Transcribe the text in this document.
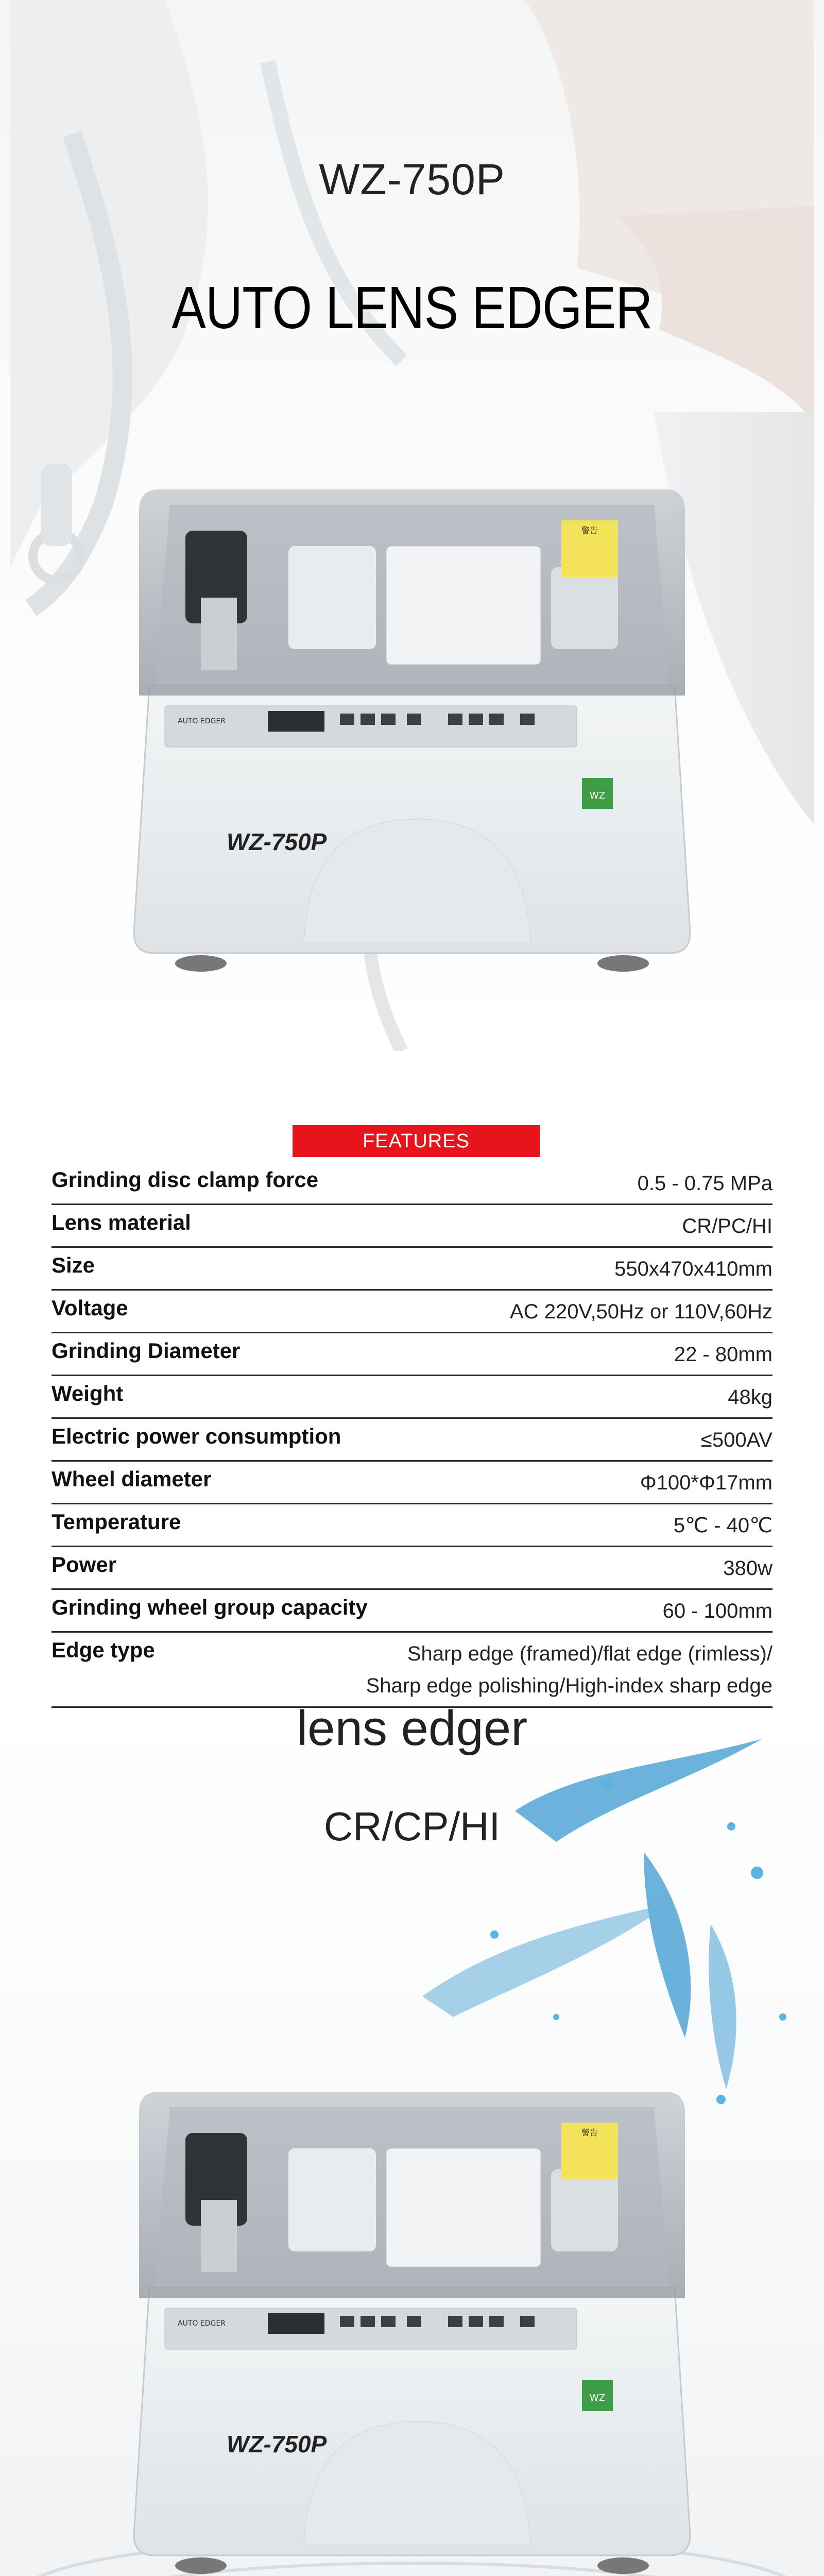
WZ-750P
AUTO LENS EDGER
警告
AUTO EDGER
WZ
WZ-750P
FEATURES
Grinding disc clamp force	0.5 - 0.75 MPa
Lens material	CR/PC/HI
Size	550x470x410mm
Voltage	AC 220V,50Hz or 110V,60Hz
Grinding Diameter	22 - 80mm
Weight	48kg
Electric power consumption	≤500AV
Wheel diameter	Φ100*Φ17mm
Temperature	5℃ - 40℃
Power	380w
Grinding wheel group capacity	60 - 100mm
Edge type	Sharp edge (framed)/flat edge (rimless)/
Sharp edge polishing/High-index sharp edge
lens edger
CR/CP/HI
警告
AUTO EDGER
WZ
WZ-750P
